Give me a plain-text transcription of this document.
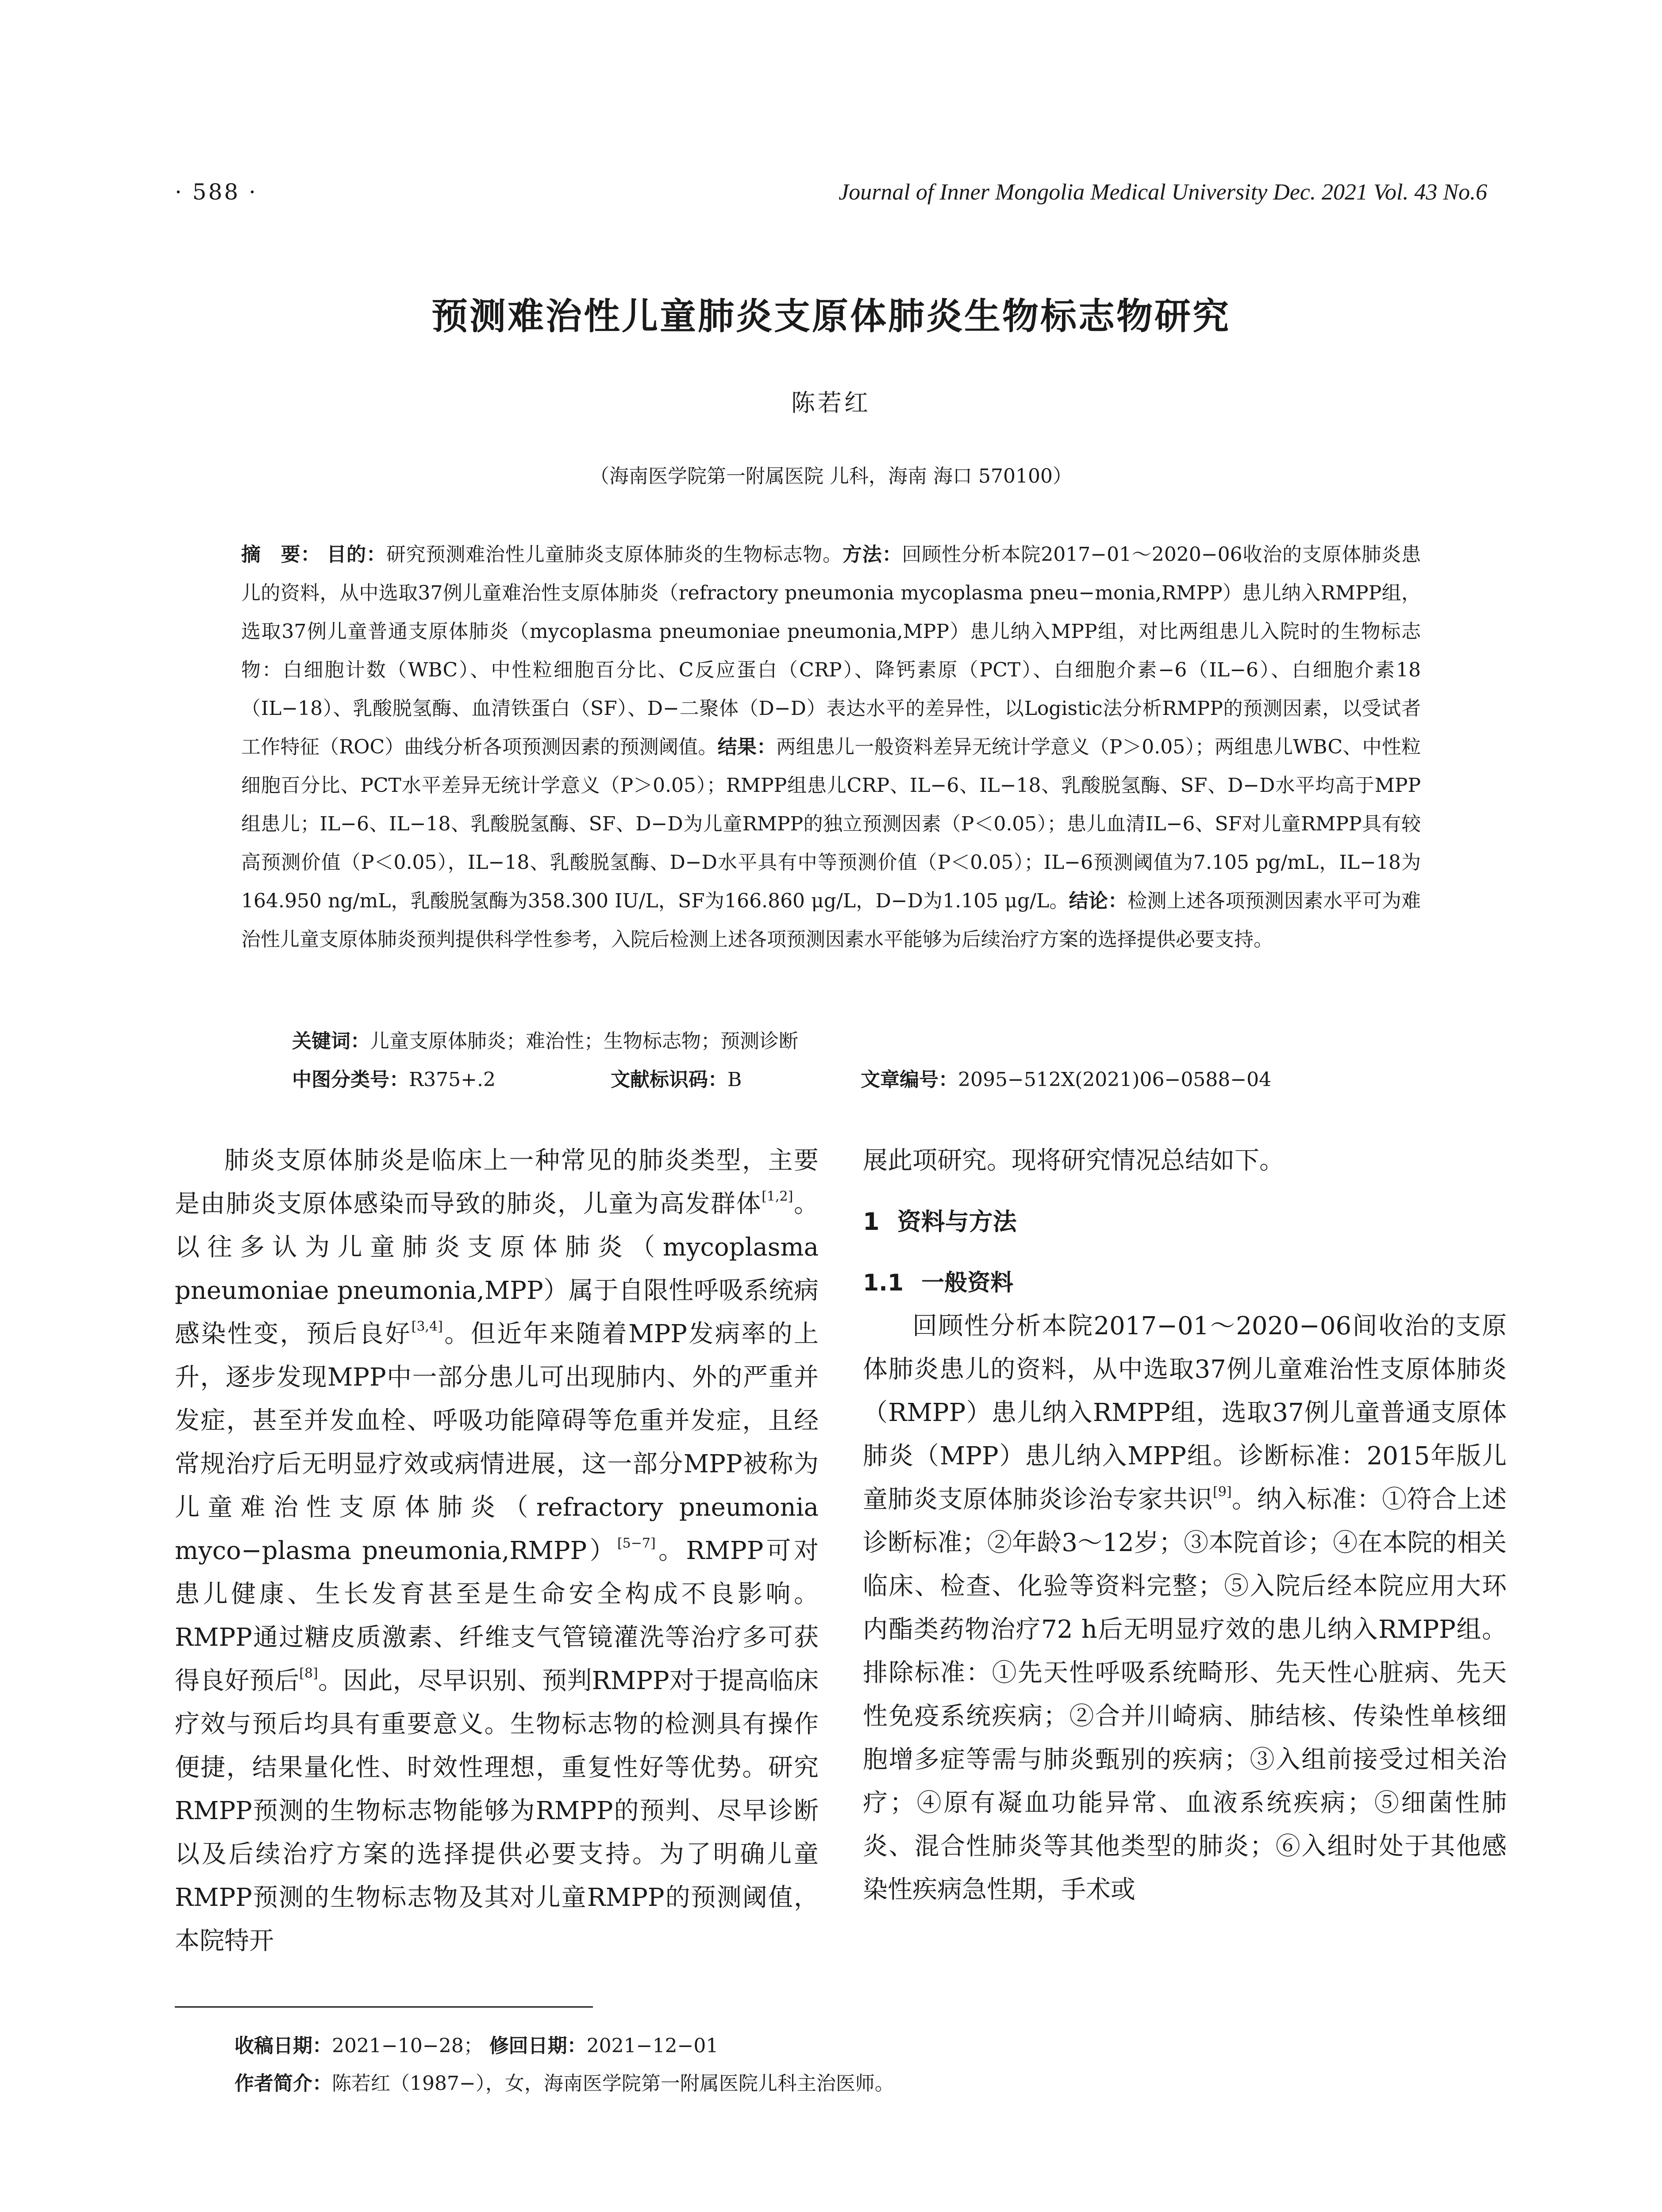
· 588 ·	Journal of Inner Mongolia Medical University Dec. 2021 Vol. 43 No.6
预测难治性儿童肺炎支原体肺炎生物标志物研究
陈若红
（海南医学院第一附属医院 儿科，海南 海口 570100）

摘　要： 目的：研究预测难治性儿童肺炎支原体肺炎的生物标志物。方法：回顾性分析本院2017−01～2020−06收治的支原体肺炎患儿的资料，从中选取37例儿童难治性支原体肺炎（refractory pneumonia mycoplasma pneu−monia,RMPP）患儿纳入RMPP组，选取37例儿童普通支原体肺炎（mycoplasma pneumoniae pneumonia,MPP）患儿纳入MPP组，对比两组患儿入院时的生物标志物：白细胞计数（WBC）、中性粒细胞百分比、C反应蛋白（CRP）、降钙素原（PCT）、白细胞介素−6（IL−6）、白细胞介素18（IL−18）、乳酸脱氢酶、血清铁蛋白（SF）、D−二聚体（D−D）表达水平的差异性，以Logistic法分析RMPP的预测因素，以受试者工作特征（ROC）曲线分析各项预测因素的预测阈值。结果：两组患儿一般资料差异无统计学意义（P＞0.05）；两组患儿WBC、中性粒细胞百分比、PCT水平差异无统计学意义（P＞0.05）；RMPP组患儿CRP、IL−6、IL−18、乳酸脱氢酶、SF、D−D水平均高于MPP组患儿；IL−6、IL−18、乳酸脱氢酶、SF、D−D为儿童RMPP的独立预测因素（P＜0.05）；患儿血清IL−6、SF对儿童RMPP具有较高预测价值（P＜0.05），IL−18、乳酸脱氢酶、D−D水平具有中等预测价值（P＜0.05）；IL−6预测阈值为7.105 pg/mL，IL−18为164.950 ng/mL，乳酸脱氢酶为358.300 IU/L，SF为166.860 μg/L，D−D为1.105 μg/L。结论：检测上述各项预测因素水平可为难治性儿童支原体肺炎预判提供科学性参考，入院后检测上述各项预测因素水平能够为后续治疗方案的选择提供必要支持。

关键词：儿童支原体肺炎；难治性；生物标志物；预测诊断

中图分类号：R375+.2	文献标识码：B	文章编号：2095−512X(2021)06−0588−04

肺炎支原体肺炎是临床上一种常见的肺炎类型，主要是由肺炎支原体感染而导致的肺炎，儿童为高发群体[1,2]。以往多认为儿童肺炎支原体肺炎（mycoplasma pneumoniae pneumonia,MPP）属于自限性呼吸系统病感染性变，预后良好[3,4]。但近年来随着MPP发病率的上升，逐步发现MPP中一部分患儿可出现肺内、外的严重并发症，甚至并发血栓、呼吸功能障碍等危重并发症，且经常规治疗后无明显疗效或病情进展，这一部分MPP被称为儿童难治性支原体肺炎（refractory pneumonia myco−plasma pneumonia,RMPP）[5−7]。RMPP可对患儿健康、生长发育甚至是生命安全构成不良影响。RMPP通过糖皮质激素、纤维支气管镜灌洗等治疗多可获得良好预后[8]。因此，尽早识别、预判RMPP对于提高临床疗效与预后均具有重要意义。生物标志物的检测具有操作便捷，结果量化性、时效性理想，重复性好等优势。研究RMPP预测的生物标志物能够为RMPP的预判、尽早诊断以及后续治疗方案的选择提供必要支持。为了明确儿童RMPP预测的生物标志物及其对儿童RMPP的预测阈值，本院特开

展此项研究。现将研究情况总结如下。

1 资料与方法

1.1 一般资料

回顾性分析本院2017−01～2020−06间收治的支原体肺炎患儿的资料，从中选取37例儿童难治性支原体肺炎（RMPP）患儿纳入RMPP组，选取37例儿童普通支原体肺炎（MPP）患儿纳入MPP组。诊断标准：2015年版儿童肺炎支原体肺炎诊治专家共识[9]。纳入标准：①符合上述诊断标准；②年龄3～12岁；③本院首诊；④在本院的相关临床、检查、化验等资料完整；⑤入院后经本院应用大环内酯类药物治疗72 h后无明显疗效的患儿纳入RMPP组。排除标准：①先天性呼吸系统畸形、先天性心脏病、先天性免疫系统疾病；②合并川崎病、肺结核、传染性单核细胞增多症等需与肺炎甄别的疾病；③入组前接受过相关治疗；④原有凝血功能异常、血液系统疾病；⑤细菌性肺炎、混合性肺炎等其他类型的肺炎；⑥入组时处于其他感染性疾病急性期，手术或

收稿日期：2021−10−28； 修回日期：2021−12−01

作者简介：陈若红（1987−），女，海南医学院第一附属医院儿科主治医师。
